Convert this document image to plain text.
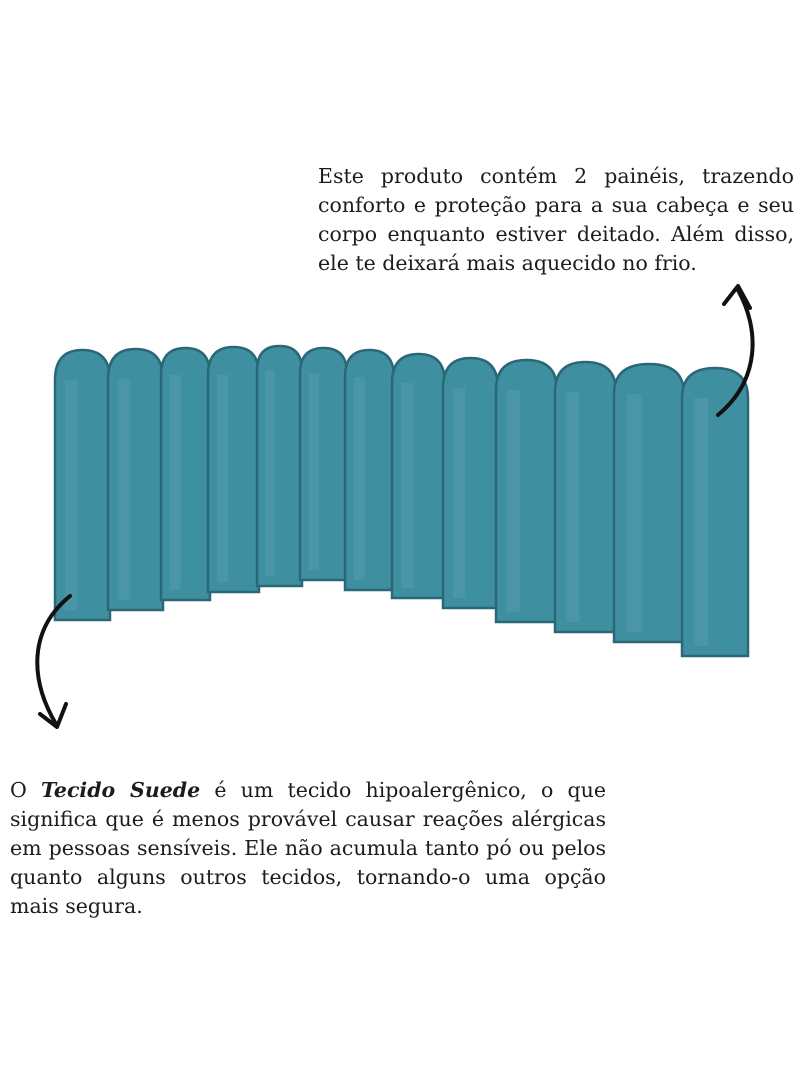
Este produto contém 2 painéis, trazendo conforto e proteção para a sua cabeça e seu corpo enquanto estiver deitado. Além disso, ele te deixará mais aquecido no frio.

O Tecido Suede é um tecido hipoalergênico, o que significa que é menos provável causar reações alérgicas em pessoas sensíveis. Ele não acumula tanto pó ou pelos quanto alguns outros tecidos, tornando-o uma opção mais segura.
